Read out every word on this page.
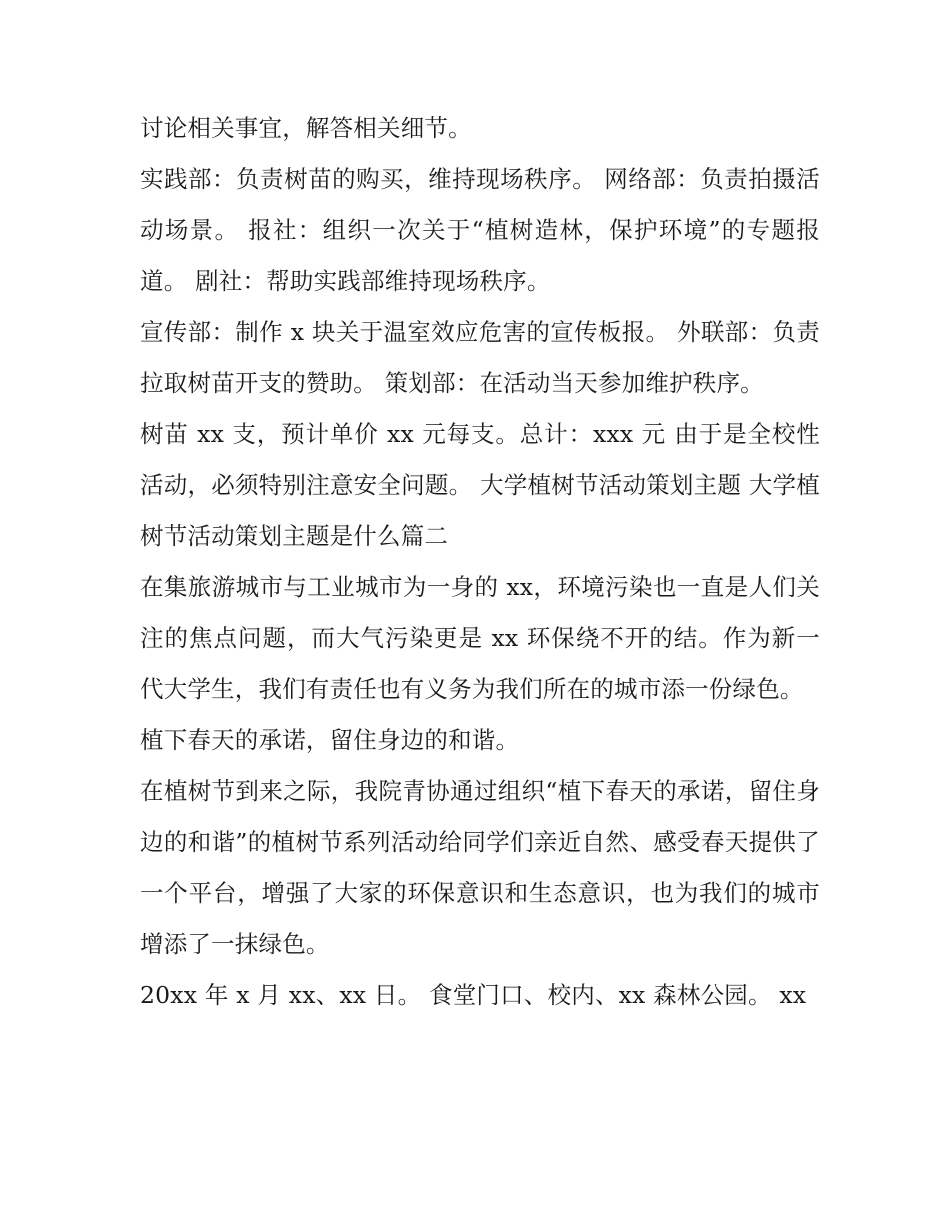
讨论相关事宜，解答相关细节。

实践部：负责树苗的购买，维持现场秩序。 网络部：负责拍摄活动场景。 报社：组织一次关于“植树造林，保护环境”的专题报道。 剧社：帮助实践部维持现场秩序。

宣传部：制作 x 块关于温室效应危害的宣传板报。 外联部：负责拉取树苗开支的赞助。 策划部：在活动当天参加维护秩序。

树苗 xx 支，预计单价 xx 元每支。总计：xxx 元 由于是全校性活动，必须特别注意安全问题。 大学植树节活动策划主题 大学植树节活动策划主题是什么篇二

在集旅游城市与工业城市为一身的 xx，环境污染也一直是人们关注的焦点问题，而大气污染更是 xx 环保绕不开的结。作为新一代大学生，我们有责任也有义务为我们所在的城市添一份绿色。

植下春天的承诺，留住身边的和谐。

在植树节到来之际，我院青协通过组织“植下春天的承诺，留住身边的和谐”的植树节系列活动给同学们亲近自然、感受春天提供了一个平台，增强了大家的环保意识和生态意识，也为我们的城市增添了一抹绿色。

20xx 年 x 月 xx、xx 日。 食堂门口、校内、xx 森林公园。 xx
